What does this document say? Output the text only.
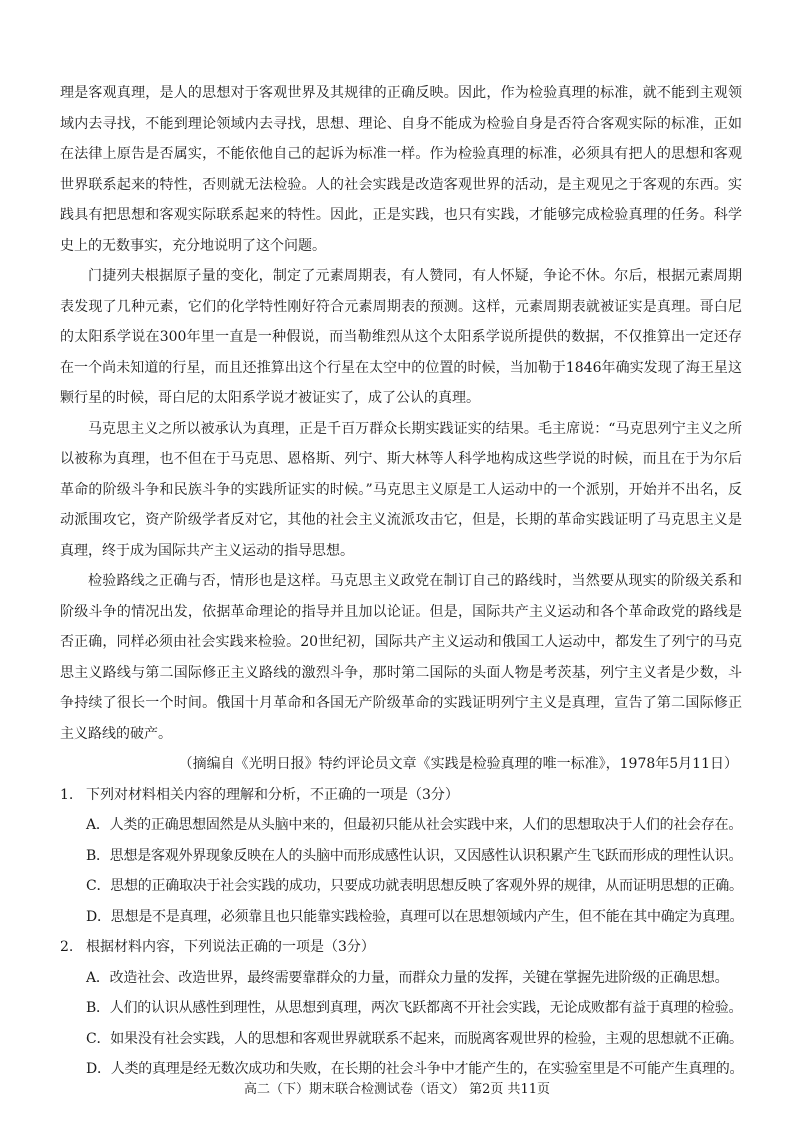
理是客观真理，是人的思想对于客观世界及其规律的正确反映。因此，作为检验真理的标准，就不能到主观领域内去寻找，不能到理论领域内去寻找，思想、理论、自身不能成为检验自身是否符合客观实际的标准，正如在法律上原告是否属实，不能依他自己的起诉为标准一样。作为检验真理的标准，必须具有把人的思想和客观世界联系起来的特性，否则就无法检验。人的社会实践是改造客观世界的活动，是主观见之于客观的东西。实践具有把思想和客观实际联系起来的特性。因此，正是实践，也只有实践，才能够完成检验真理的任务。科学史上的无数事实，充分地说明了这个问题。

门捷列夫根据原子量的变化，制定了元素周期表，有人赞同，有人怀疑，争论不休。尔后，根据元素周期表发现了几种元素，它们的化学特性刚好符合元素周期表的预测。这样，元素周期表就被证实是真理。哥白尼的太阳系学说在300年里一直是一种假说，而当勒维烈从这个太阳系学说所提供的数据，不仅推算出一定还存在一个尚未知道的行星，而且还推算出这个行星在太空中的位置的时候，当加勒于1846年确实发现了海王星这颗行星的时候，哥白尼的太阳系学说才被证实了，成了公认的真理。

马克思主义之所以被承认为真理，正是千百万群众长期实践证实的结果。毛主席说：“马克思列宁主义之所以被称为真理，也不但在于马克思、恩格斯、列宁、斯大林等人科学地构成这些学说的时候，而且在于为尔后革命的阶级斗争和民族斗争的实践所证实的时候。”马克思主义原是工人运动中的一个派别，开始并不出名，反动派围攻它，资产阶级学者反对它，其他的社会主义流派攻击它，但是，长期的革命实践证明了马克思主义是真理，终于成为国际共产主义运动的指导思想。

检验路线之正确与否，情形也是这样。马克思主义政党在制订自己的路线时，当然要从现实的阶级关系和阶级斗争的情况出发，依据革命理论的指导并且加以论证。但是，国际共产主义运动和各个革命政党的路线是否正确，同样必须由社会实践来检验。20世纪初，国际共产主义运动和俄国工人运动中，都发生了列宁的马克思主义路线与第二国际修正主义路线的激烈斗争，那时第二国际的头面人物是考茨基，列宁主义者是少数，斗争持续了很长一个时间。俄国十月革命和各国无产阶级革命的实践证明列宁主义是真理，宣告了第二国际修正主义路线的破产。

（摘编自《光明日报》特约评论员文章《实践是检验真理的唯一标准》，1978年5月11日）

1. 下列对材料相关内容的理解和分析，不正确的一项是（3分）

A．人类的正确思想固然是从头脑中来的，但最初只能从社会实践中来，人们的思想取决于人们的社会存在。

B．思想是客观外界现象反映在人的头脑中而形成感性认识，又因感性认识积累产生飞跃而形成的理性认识。

C．思想的正确取决于社会实践的成功，只要成功就表明思想反映了客观外界的规律，从而证明思想的正确。

D．思想是不是真理，必须靠且也只能靠实践检验，真理可以在思想领域内产生，但不能在其中确定为真理。

2. 根据材料内容，下列说法正确的一项是（3分）

A．改造社会、改造世界，最终需要靠群众的力量，而群众力量的发挥，关键在掌握先进阶级的正确思想。

B．人们的认识从感性到理性，从思想到真理，两次飞跃都离不开社会实践，无论成败都有益于真理的检验。

C．如果没有社会实践，人的思想和客观世界就联系不起来，而脱离客观世界的检验，主观的思想就不正确。

D．人类的真理是经无数次成功和失败，在长期的社会斗争中才能产生的，在实验室里是不可能产生真理的。

高二（下）期末联合检测试卷（语文） 第2页 共11页
